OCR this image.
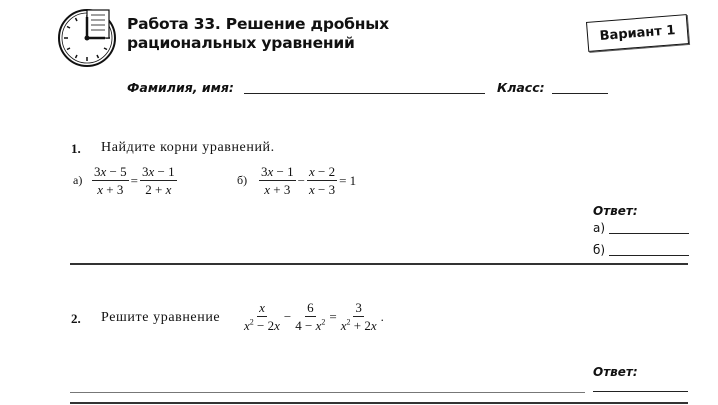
Работа 33. Решение дробных
рациональных уравнений	Вариант 1
Фамилия, имя:	Класс:
1. Найдите корни уравнений.
$а) \frac{3x - 5}{x + 3} = \frac{3x - 1}{2 + x}$	$б) \frac{3x - 1}{x + 3} - \frac{x - 2}{x - 3} = 1$
Ответ:
а)
б)
2. Решите уравнение $\frac{x}{x^2 - 2x} - \frac{6}{4 - x^2} = \frac{3}{x^2 + 2x}$ .
Ответ:
